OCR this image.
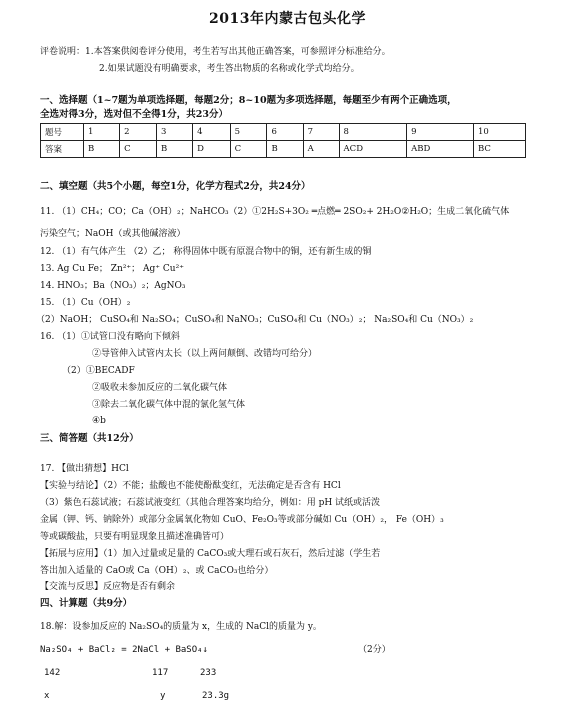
2013年内蒙古包头化学
评卷说明：1.本答案供阅卷评分使用，考生若写出其他正确答案，可参照评分标准给分。
2.如果试题没有明确要求，考生答出物质的名称或化学式均给分。
一、选择题（1~7题为单项选择题，每题2分；8~10题为多项选择题，每题至少有两个正确选项，
全选对得3分，选对但不全得1分，共23分）
题号	1	2	3	4	5	6	7	8	9	10
答案	B	C	B	D	C	B	A	ACD	ABD	BC
二、填空题（共5个小题，每空1分，化学方程式2分，共24分）
11. （1）CH₄；CO；Ca（OH）₂；NaHCO₃（2）①2H₂S+3O₂ ═点燃═ 2SO₂+ 2H₂O②H₂O；生成二氧化硫气体
污染空气；NaOH（或其他碱溶液）
12. （1）有气体产生 （2）乙； 称得固体中既有原混合物中的铜，还有新生成的铜
13. Ag Cu Fe； Zn²⁺； Ag⁺ Cu²⁺
14. HNO₃；Ba（NO₃）₂；AgNO₃
15. （1）Cu（OH）₂
（2）NaOH； CuSO₄和 Na₂SO₄；CuSO₄和 NaNO₃；CuSO₄和 Cu（NO₃）₂； Na₂SO₄和 Cu（NO₃）₂
16. （1）①试管口没有略向下倾斜
②导管伸入试管内太长（以上两问颠倒、改错均可给分）
（2）①BECADF
②吸收未参加反应的二氧化碳气体
③除去二氧化碳气体中混的氯化氢气体
④b
三、简答题（共12分）
17. 【做出猜想】HCl
【实验与结论】（2）不能；盐酸也不能使酚酞变红，无法确定是否含有 HCl
（3）紫色石蕊试液；石蕊试液变红（其他合理答案均给分，例如：用 pH 试纸或活泼
金属（钾、钙、钠除外）或部分金属氧化物如 CuO、Fe₂O₃等或部分碱如 Cu（OH）₂， Fe（OH）₃
等或碳酸盐，只要有明显现象且描述准确皆可）
【拓展与应用】（1）加入过量或足量的 CaCO₃或大理石或石灰石，然后过滤（学生若
答出加入适量的 CaO或 Ca（OH）₂、或 CaCO₃也给分）
【交流与反思】反应物是否有剩余
四、计算题（共9分）
18.解：设参加反应的 Na₂SO₄的质量为 x，生成的 NaCl的质量为 y。
Na₂SO₄ + BaCl₂ = 2NaCl + BaSO₄↓	（2分）
142	117	233
x	y	23.3g
